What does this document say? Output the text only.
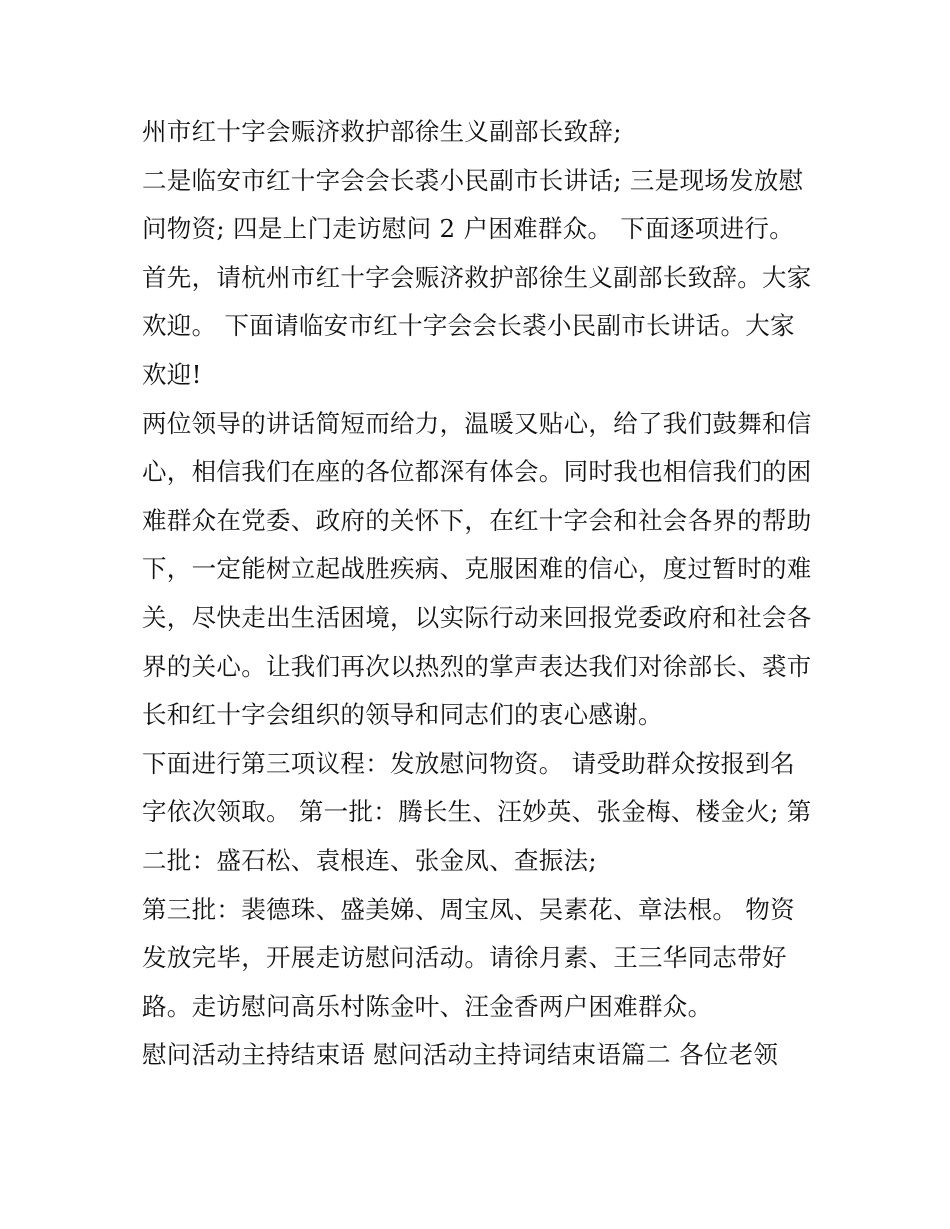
州市红十字会赈济救护部徐生义副部长致辞;
二是临安市红十字会会长裘小民副市长讲话; 三是现场发放慰
问物资; 四是上门走访慰问 2 户困难群众。 下面逐项进行。
首先，请杭州市红十字会赈济救护部徐生义副部长致辞。大家
欢迎。 下面请临安市红十字会会长裘小民副市长讲话。大家
欢迎!
两位领导的讲话简短而给力，温暖又贴心，给了我们鼓舞和信
心，相信我们在座的各位都深有体会。同时我也相信我们的困
难群众在党委、政府的关怀下，在红十字会和社会各界的帮助
下，一定能树立起战胜疾病、克服困难的信心，度过暂时的难
关，尽快走出生活困境，以实际行动来回报党委政府和社会各
界的关心。让我们再次以热烈的掌声表达我们对徐部长、裘市
长和红十字会组织的领导和同志们的衷心感谢。
下面进行第三项议程：发放慰问物资。 请受助群众按报到名
字依次领取。 第一批：腾长生、汪妙英、张金梅、楼金火; 第
二批：盛石松、袁根连、张金凤、查振法;
第三批：裴德珠、盛美娣、周宝凤、吴素花、章法根。 物资
发放完毕，开展走访慰问活动。请徐月素、王三华同志带好
路。走访慰问高乐村陈金叶、汪金香两户困难群众。
慰问活动主持结束语 慰问活动主持词结束语篇二 各位老领
